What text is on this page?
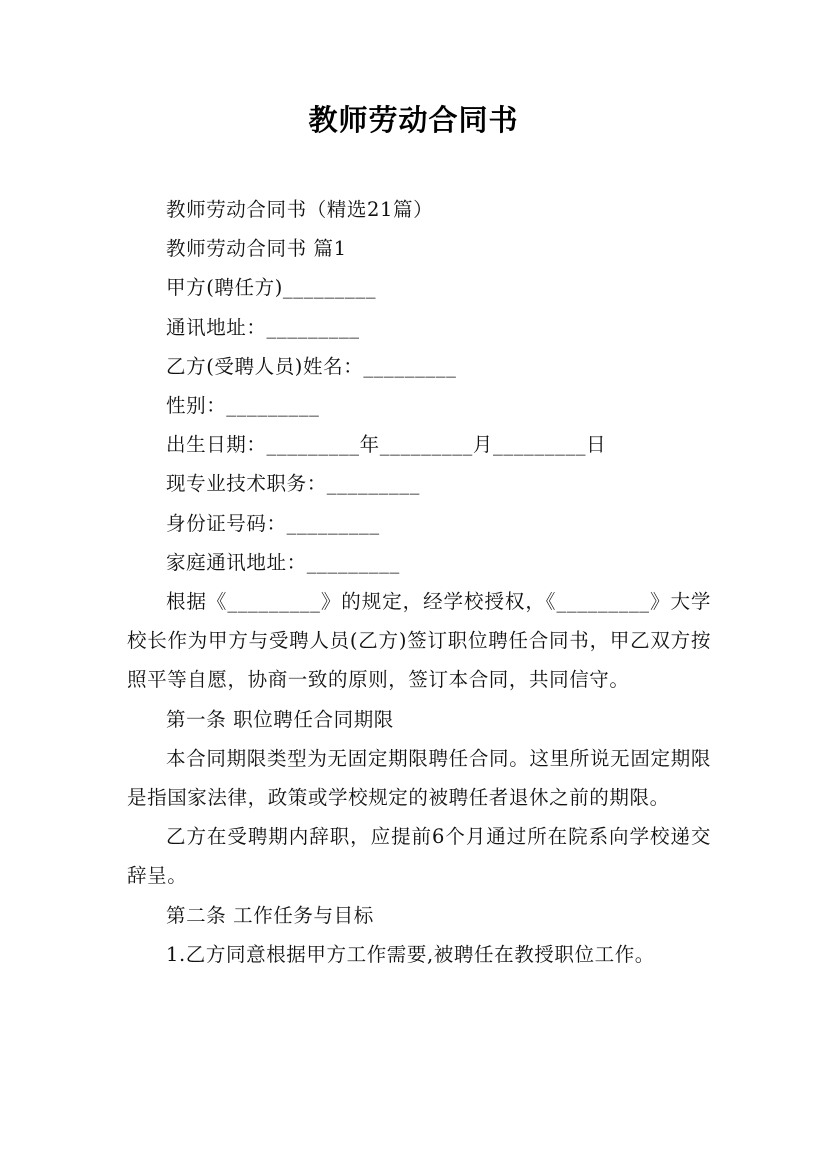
教师劳动合同书

教师劳动合同书（精选21篇）

教师劳动合同书 篇1

甲方(聘任方)_________

通讯地址：_________

乙方(受聘人员)姓名：_________

性别：_________

出生日期：_________年_________月_________日

现专业技术职务：_________

身份证号码：_________

家庭通讯地址：_________

根据《_________》的规定，经学校授权，《_________》大学校长作为甲方与受聘人员(乙方)签订职位聘任合同书，甲乙双方按照平等自愿，协商一致的原则，签订本合同，共同信守。

第一条 职位聘任合同期限

本合同期限类型为无固定期限聘任合同。这里所说无固定期限是指国家法律，政策或学校规定的被聘任者退休之前的期限。

乙方在受聘期内辞职，应提前6个月通过所在院系向学校递交辞呈。

第二条 工作任务与目标

1.乙方同意根据甲方工作需要,被聘任在教授职位工作。
